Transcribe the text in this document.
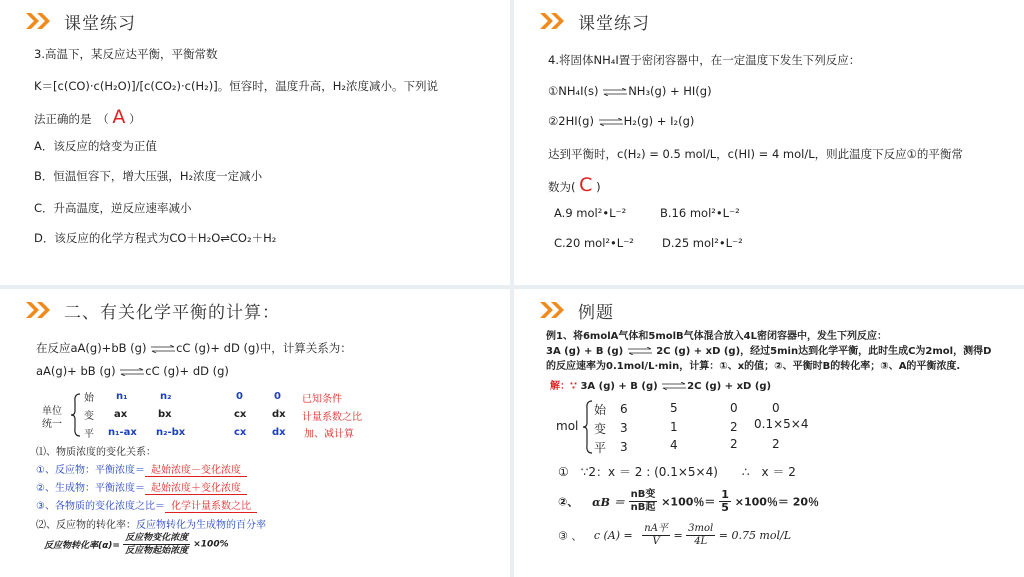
课堂练习
3.高温下，某反应达平衡，平衡常数
K＝[c(CO)·c(H₂O)]/[c(CO₂)·c(H₂)]。恒容时，温度升高，H₂浓度减小。下列说
法正确的是　（ A ）
A．该反应的焓变为正值
B．恒温恒容下，增大压强，H₂浓度一定减小
C．升高温度，逆反应速率减小
D．该反应的化学方程式为CO＋H₂O⇌CO₂＋H₂
课堂练习
4.将固体NH₄I置于密闭容器中，在一定温度下发生下列反应：
①NH₄I(s) ⇌NH₃(g) + HI(g)
②2HI(g) ⇌H₂(g) + I₂(g)
达到平衡时，c(H₂) = 0.5 mol/L，c(HI) = 4 mol/L，则此温度下反应①的平衡常
数为( C )
A.9 mol²•L⁻²	B.16 mol²•L⁻²
C.20 mol²•L⁻² D.25 mol²•L⁻²
二、有关化学平衡的计算：
在反应aA(g)+bB (g) ⇌cC (g)+ dD (g)中，计算关系为：
aA(g)+ bB (g) ⇌cC (g)+ dD (g)
单位
统一
始
变
平
n₁	n₂	0	0
ax	bx	cx	dx
n₁-ax n₂-bx	cx	dx
已知条件
计量系数之比
加、减计算
⑴、物质浓度的变化关系：
①、反应物：平衡浓度＝ 起始浓度－变化浓度
②、生成物：平衡浓度＝ 起始浓度＋变化浓度
③、各物质的变化浓度之比＝ 化学计量系数之比
⑵、反应物的转化率：反应物转化为生成物的百分率
反应物转化率$(\alpha)= \frac{\text{反应物变化浓度}}{\text{反应物起始浓度}} \times 100\%$
例题
例1、将6molA气体和5molB气体混合放入4L密闭容器中，发生下列反应：
3A (g) + B (g) ⇌ 2C (g) + xD (g)，经过5min达到化学平衡，此时生成C为2mol，测得D
的反应速率为0.1mol/L·min，计算：①、x的值；②、平衡时B的转化率；③、A的平衡浓度.
解：∵ 3A (g) + B (g) ⇌2C (g) + xD (g)
mol
始
变
平
6	5	0	0
3	1	2 0.1×5×4
3	4	2	2
①　∵2：x ＝ 2 : (0.1×5×4)　　 ∴　x ＝ 2
②、 $\alpha B = \frac{\text{nB变}}{\text{nB起}} \times 100$％＝ $\frac{1}{5} \times 100$％＝ 20％
③ 、 c $(A) = \frac{\text{nA平}}{V} = \frac{\text{3mol}}{4L} = 0.75$ mol/L
